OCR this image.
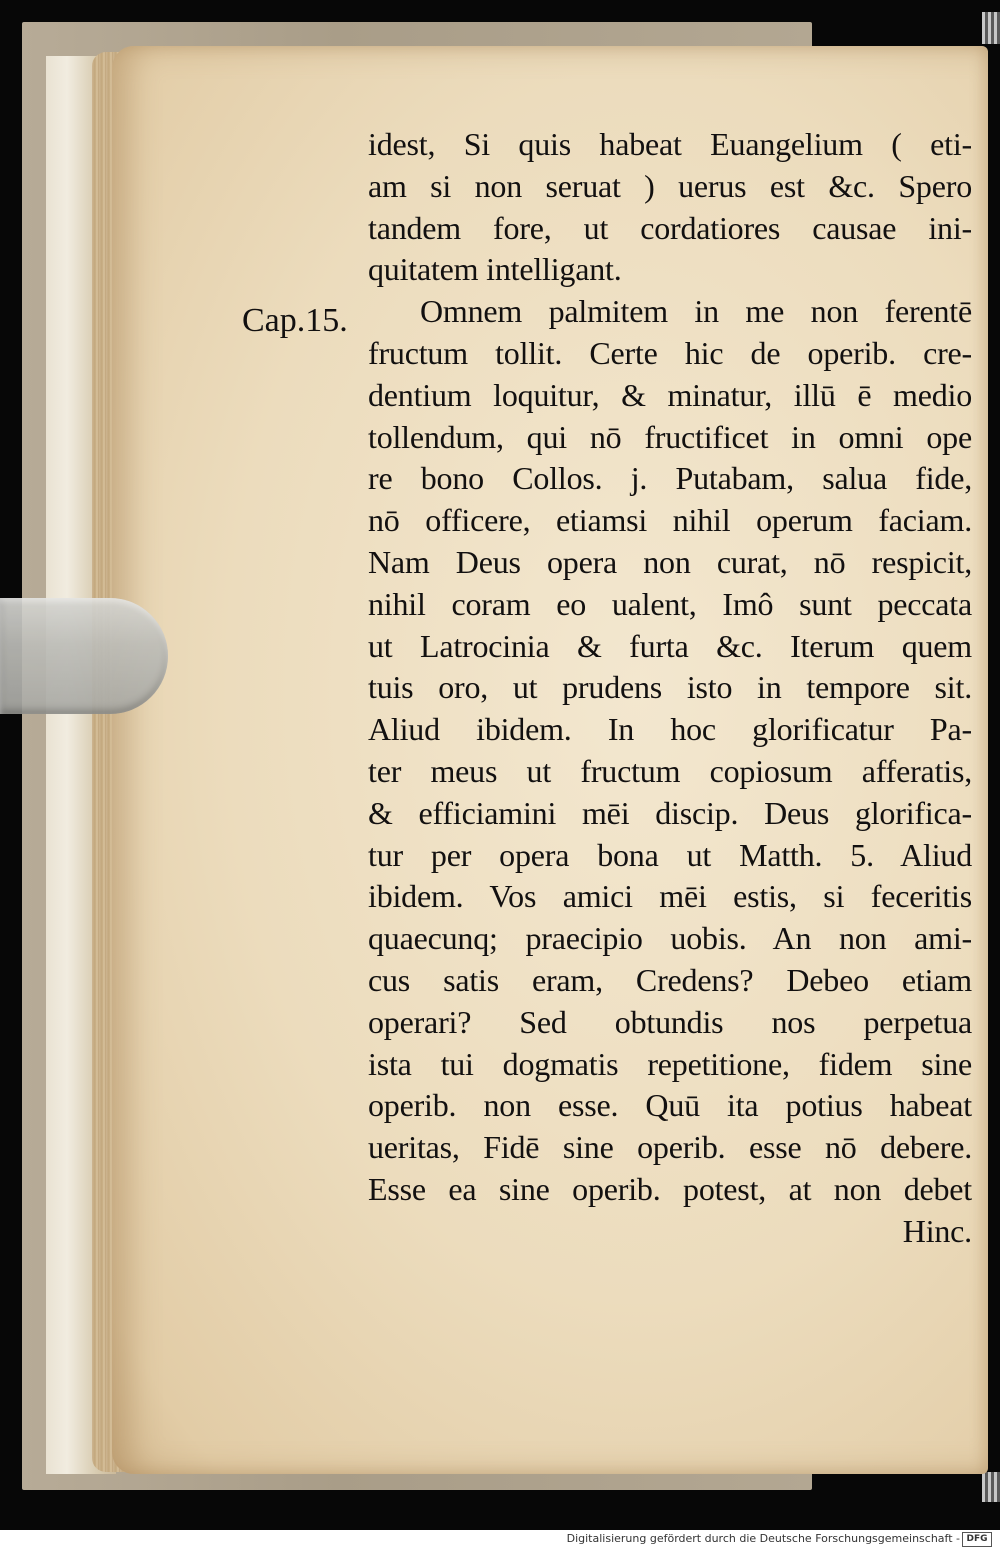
Cap.15.
idest, Si quis habeat Euangelium ( eti-
am si non seruat ) uerus est &c. Spero
tandem fore, ut cordatiores causae ini-
quitatem intelligant.
Omnem palmitem in me non ferentē
fructum tollit. Certe hic de operib. cre-
dentium loquitur, & minatur, illū ē medio
tollendum, qui nō fructificet in omni ope
re bono Collos. j. Putabam, salua fide,
nō officere, etiamsi nihil operum faciam.
Nam Deus opera non curat, nō respicit,
nihil coram eo ualent, Imô sunt peccata
ut Latrocinia & furta &c. Iterum quem
tuis oro, ut prudens isto in tempore sit.
Aliud ibidem. In hoc glorificatur Pa-
ter meus ut fructum copiosum afferatis,
& efficiamini mēi discip. Deus glorifica-
tur per opera bona ut Matth. 5. Aliud
ibidem. Vos amici mēi estis, si feceritis
quaecunq; praecipio uobis. An non ami-
cus satis eram, Credens? Debeo etiam
operari? Sed obtundis nos perpetua
ista tui dogmatis repetitione, fidem sine
operib. non esse. Quū ita potius habeat
ueritas, Fidē sine operib. esse nō debere.
Esse ea sine operib. potest, at non debet
Hinc.
Digitalisierung gefördert durch die Deutsche Forschungsgemeinschaft - DFG
